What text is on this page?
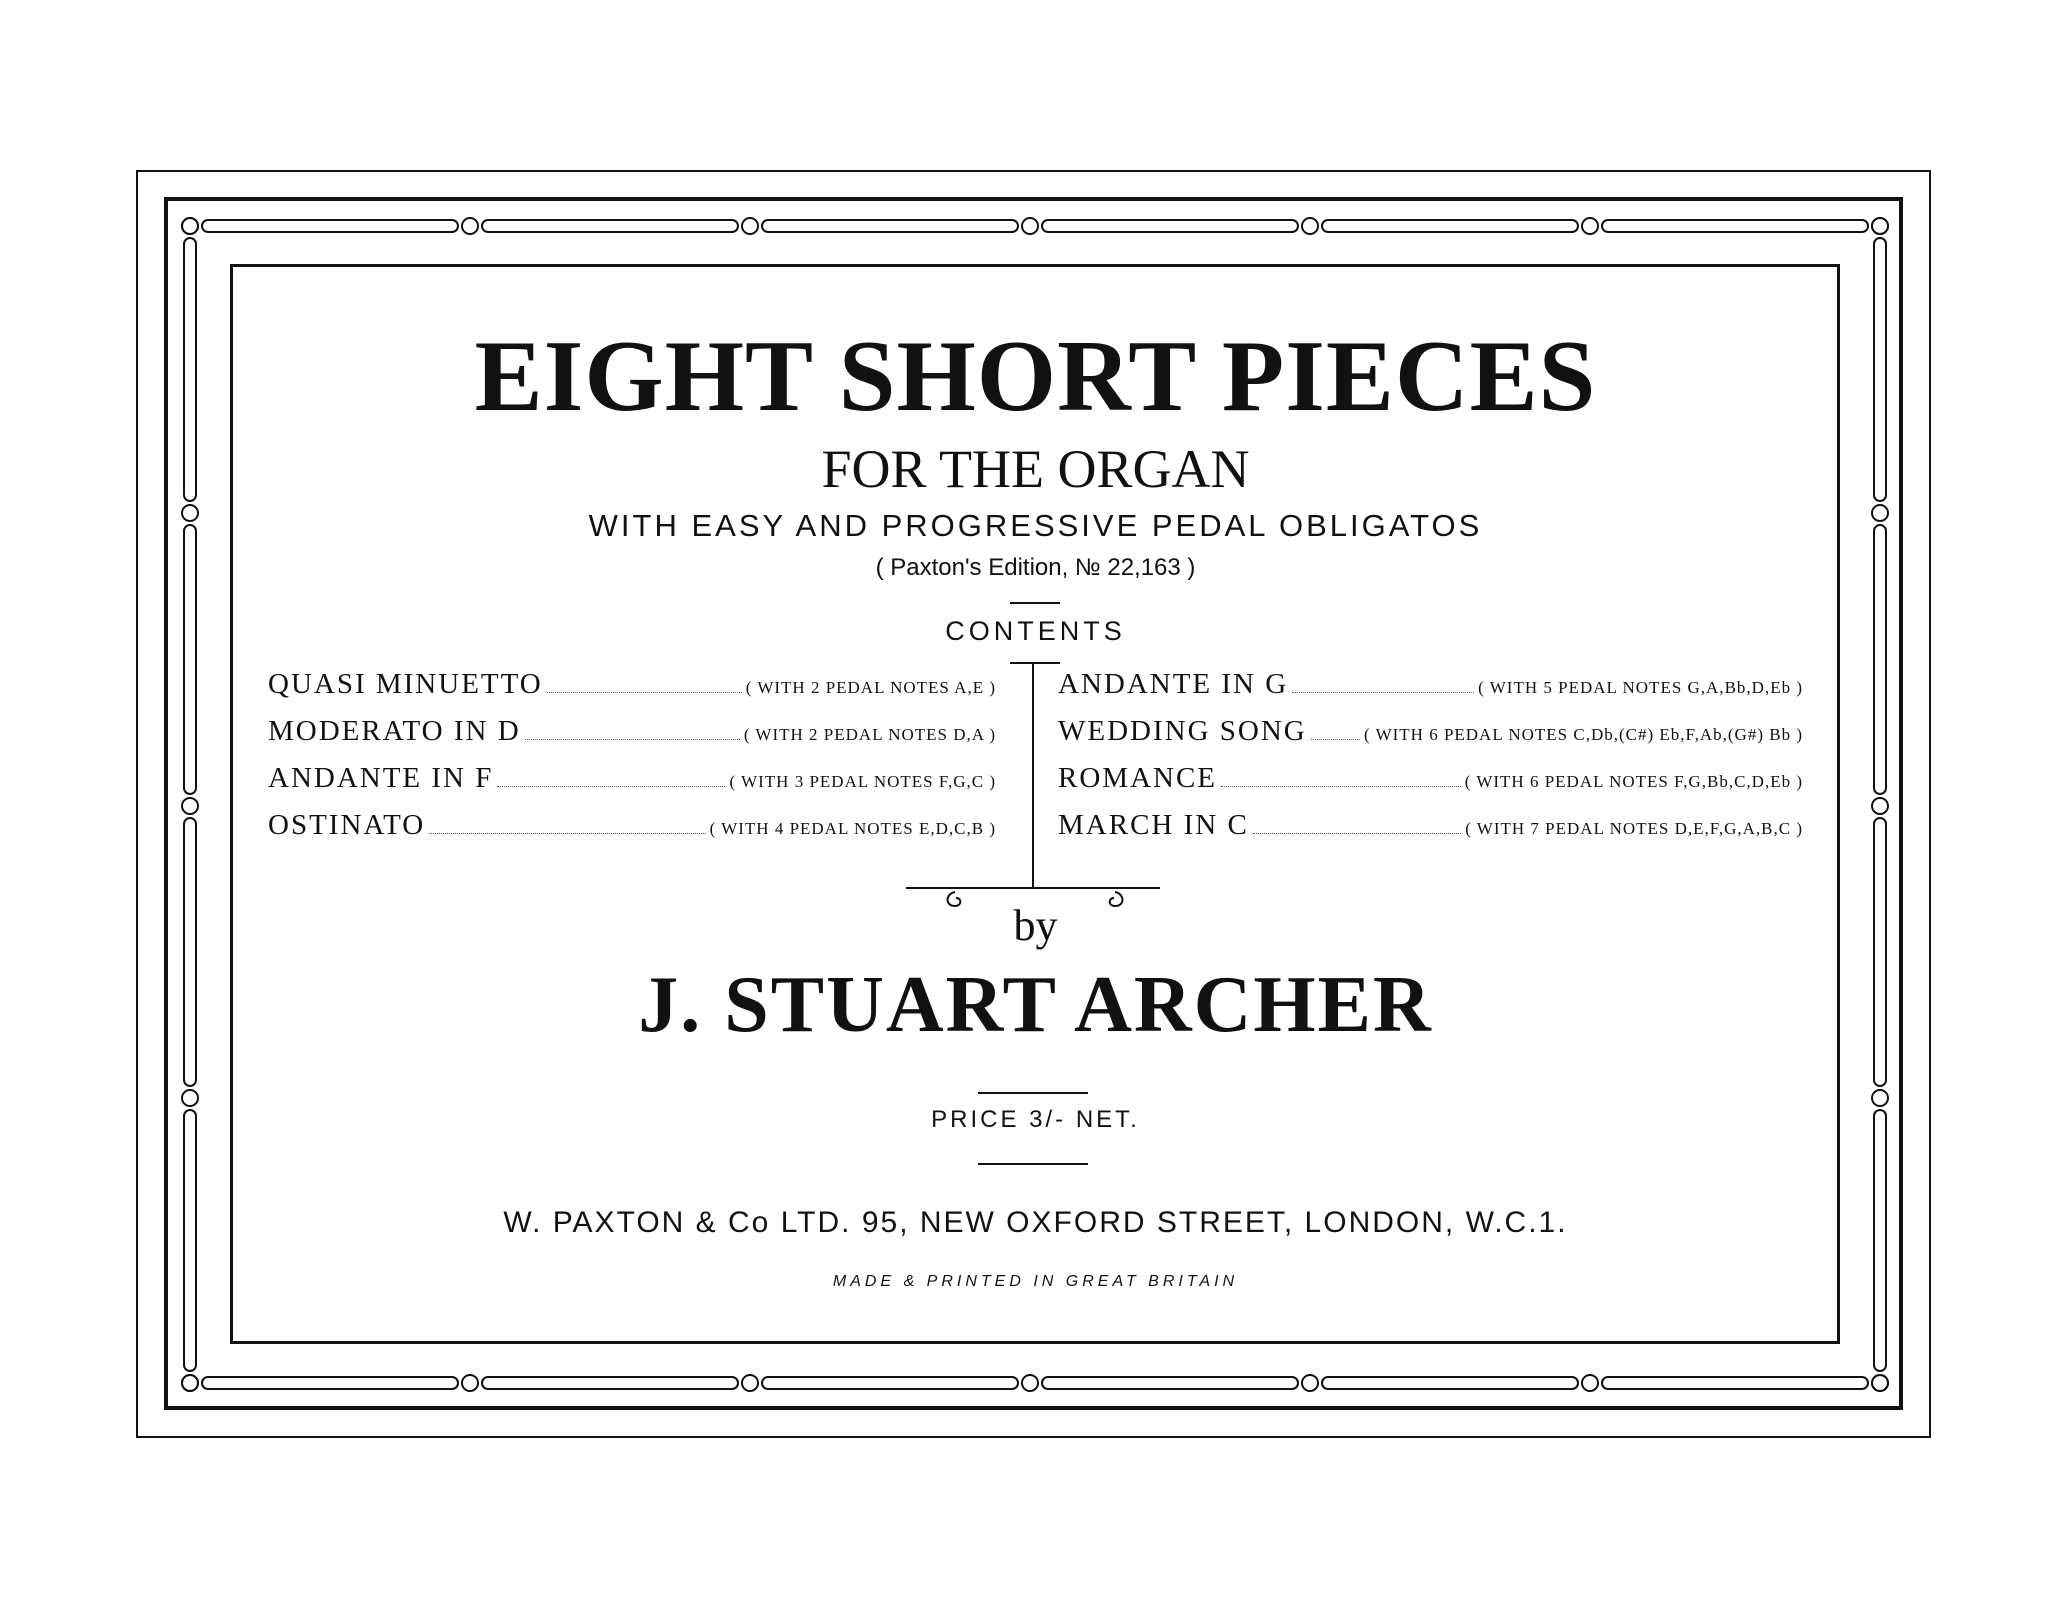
EIGHT SHORT PIECES
FOR THE ORGAN
WITH EASY AND PROGRESSIVE PEDAL OBLIGATOS
( Paxton's Edition, № 22,163 )
CONTENTS
QUASI MINUETTO	( WITH 2 PEDAL NOTES A,E )
MODERATO IN D	( WITH 2 PEDAL NOTES D,A )
ANDANTE IN F	( WITH 3 PEDAL NOTES F,G,C )
OSTINATO	( WITH 4 PEDAL NOTES E,D,C,B )
ANDANTE IN G	( WITH 5 PEDAL NOTES G,A,Bb,D,Eb )
WEDDING SONG	( WITH 6 PEDAL NOTES C,Db,(C#) Eb,F,Ab,(G#) Bb )
ROMANCE	( WITH 6 PEDAL NOTES F,G,Bb,C,D,Eb )
MARCH IN C	( WITH 7 PEDAL NOTES D,E,F,G,A,B,C )
by
J. STUART ARCHER
PRICE 3/- NET.
W. PAXTON & Co LTD. 95, NEW OXFORD STREET, LONDON, W.C.1.
MADE & PRINTED IN GREAT BRITAIN
